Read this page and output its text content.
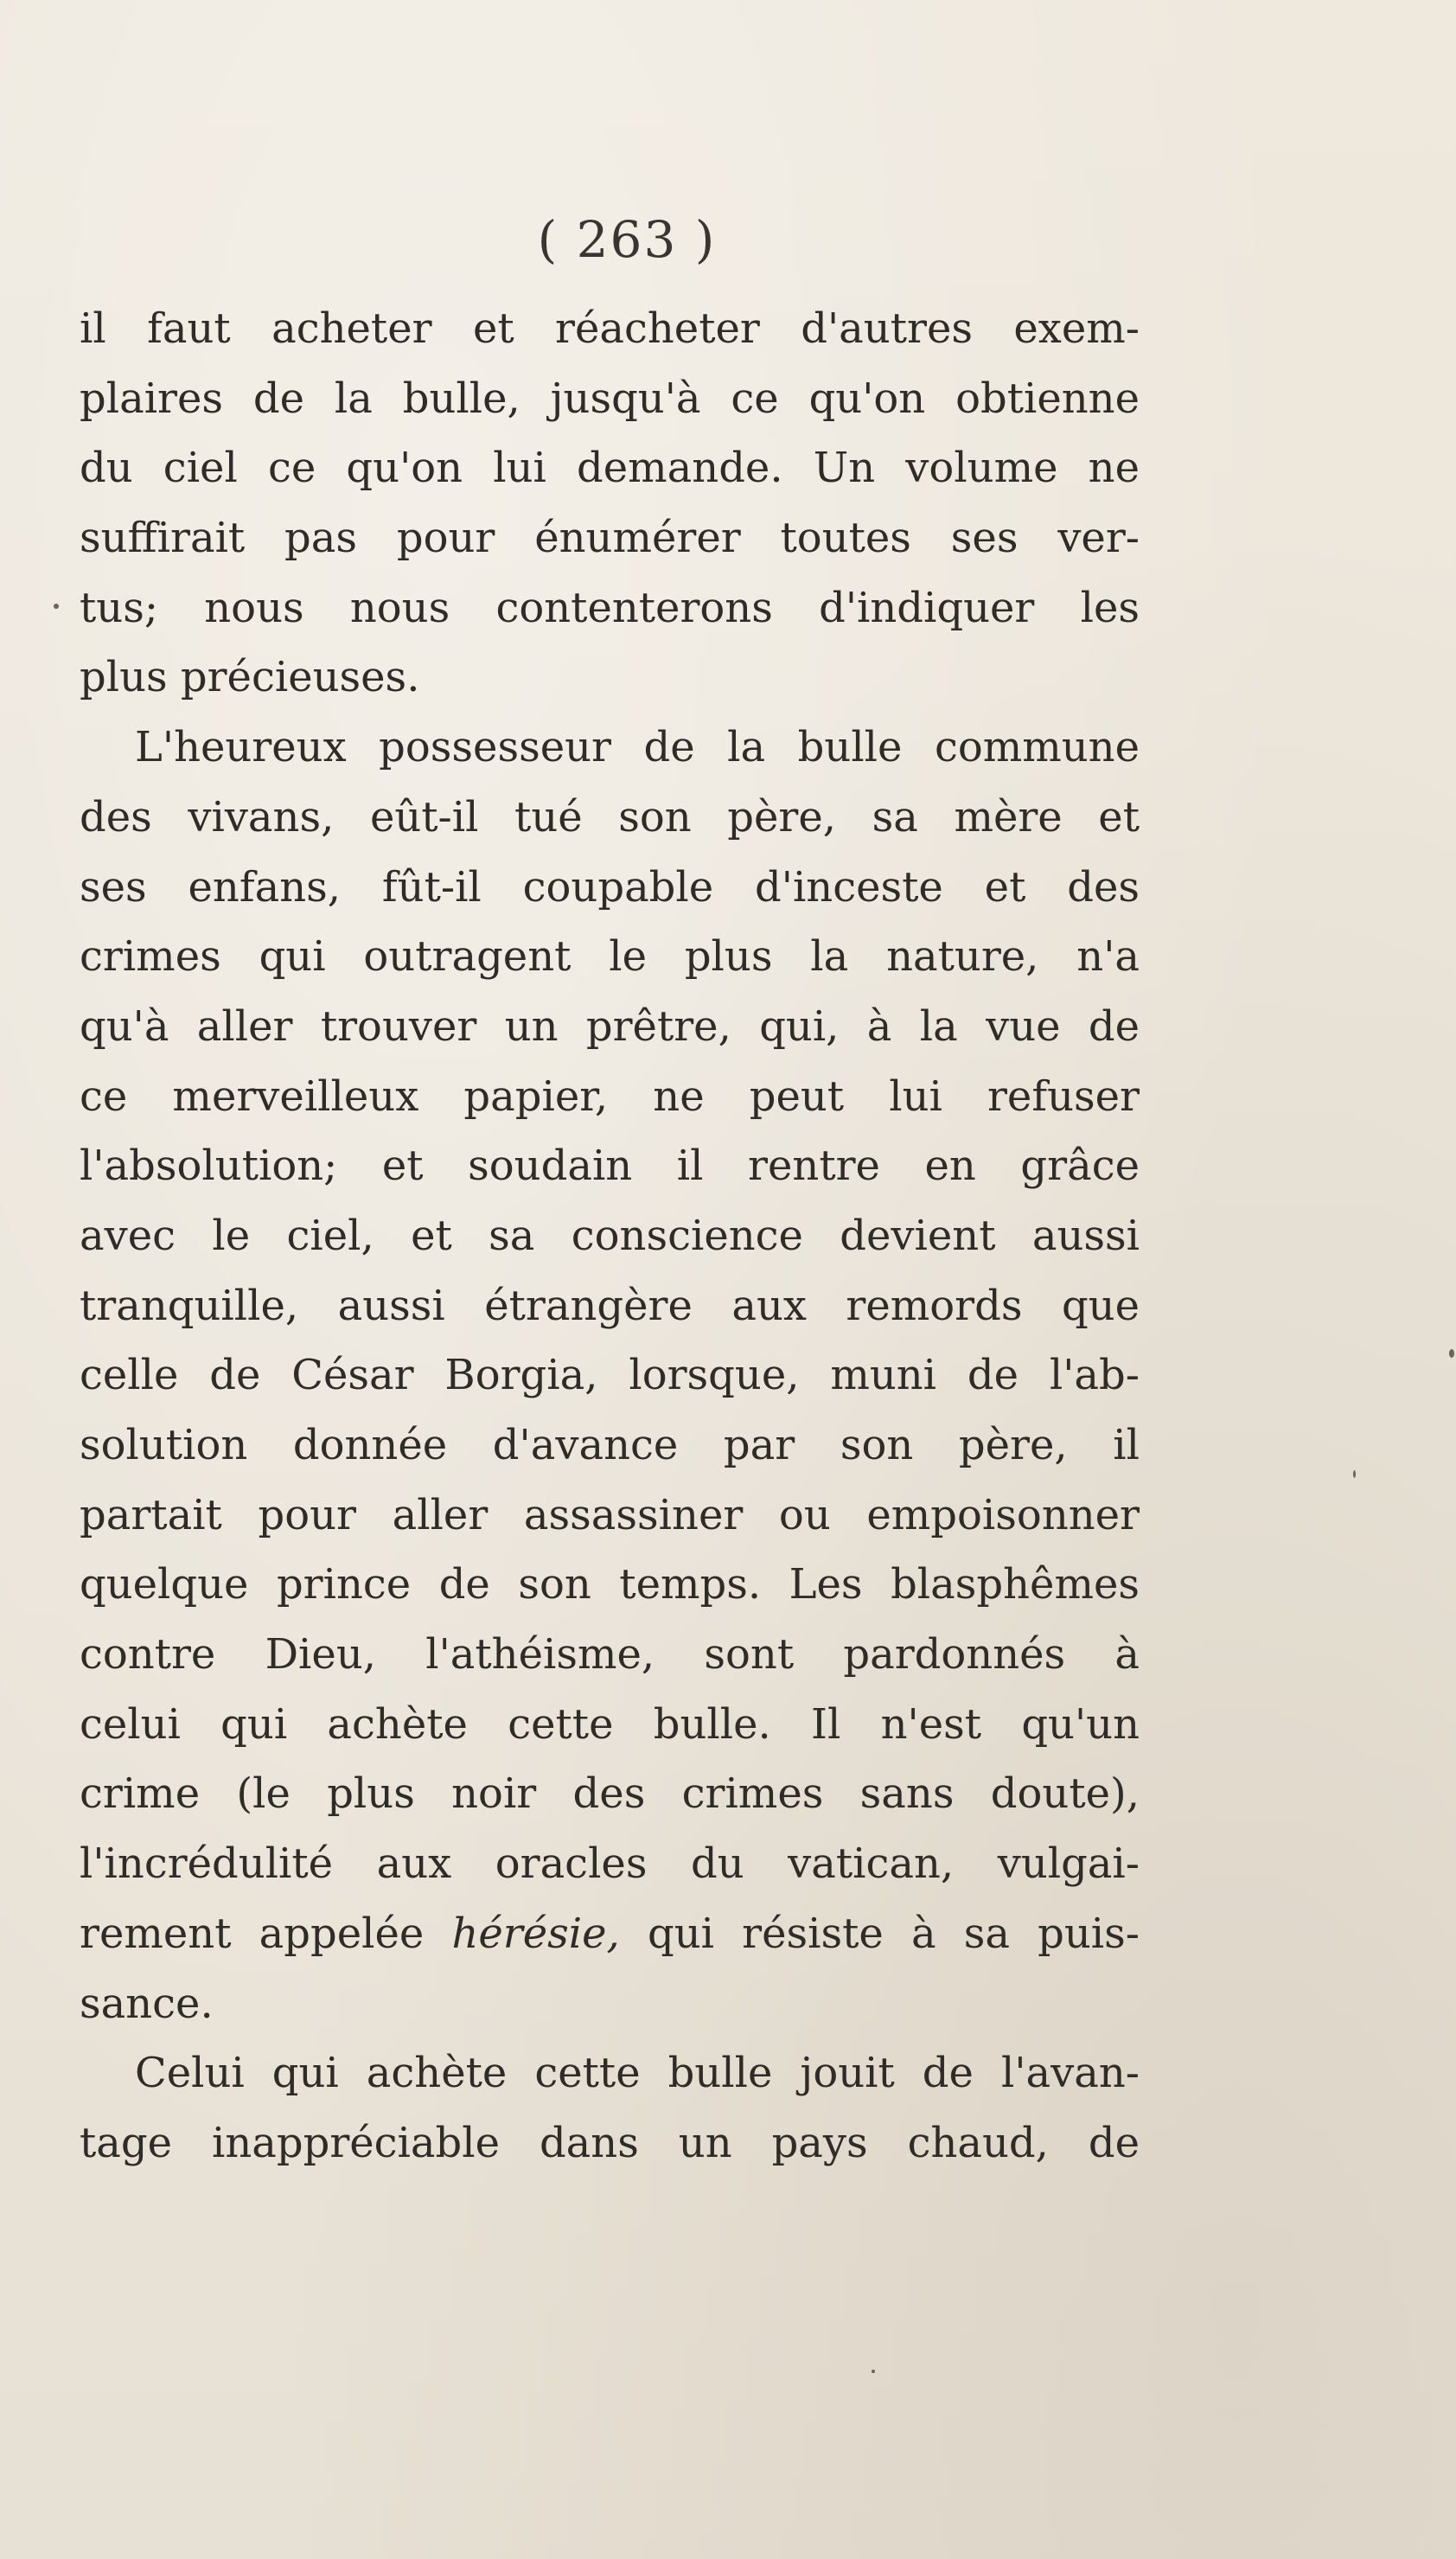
( 263 )
il faut acheter et réacheter d'autres exem-
plaires de la bulle, jusqu'à ce qu'on obtienne
du ciel ce qu'on lui demande. Un volume ne
suffirait pas pour énumérer toutes ses ver-
tus; nous nous contenterons d'indiquer les
plus précieuses.
L'heureux possesseur de la bulle commune
des vivans, eût-il tué son père, sa mère et
ses enfans, fût-il coupable d'inceste et des
crimes qui outragent le plus la nature, n'a
qu'à aller trouver un prêtre, qui, à la vue de
ce merveilleux papier, ne peut lui refuser
l'absolution; et soudain il rentre en grâce
avec le ciel, et sa conscience devient aussi
tranquille, aussi étrangère aux remords que
celle de César Borgia, lorsque, muni de l'ab-
solution donnée d'avance par son père, il
partait pour aller assassiner ou empoisonner
quelque prince de son temps. Les blasphêmes
contre Dieu, l'athéisme, sont pardonnés à
celui qui achète cette bulle. Il n'est qu'un
crime (le plus noir des crimes sans doute),
l'incrédulité aux oracles du vatican, vulgai-
rement appelée hérésie, qui résiste à sa puis-
sance.
Celui qui achète cette bulle jouit de l'avan-
tage inappréciable dans un pays chaud, de
